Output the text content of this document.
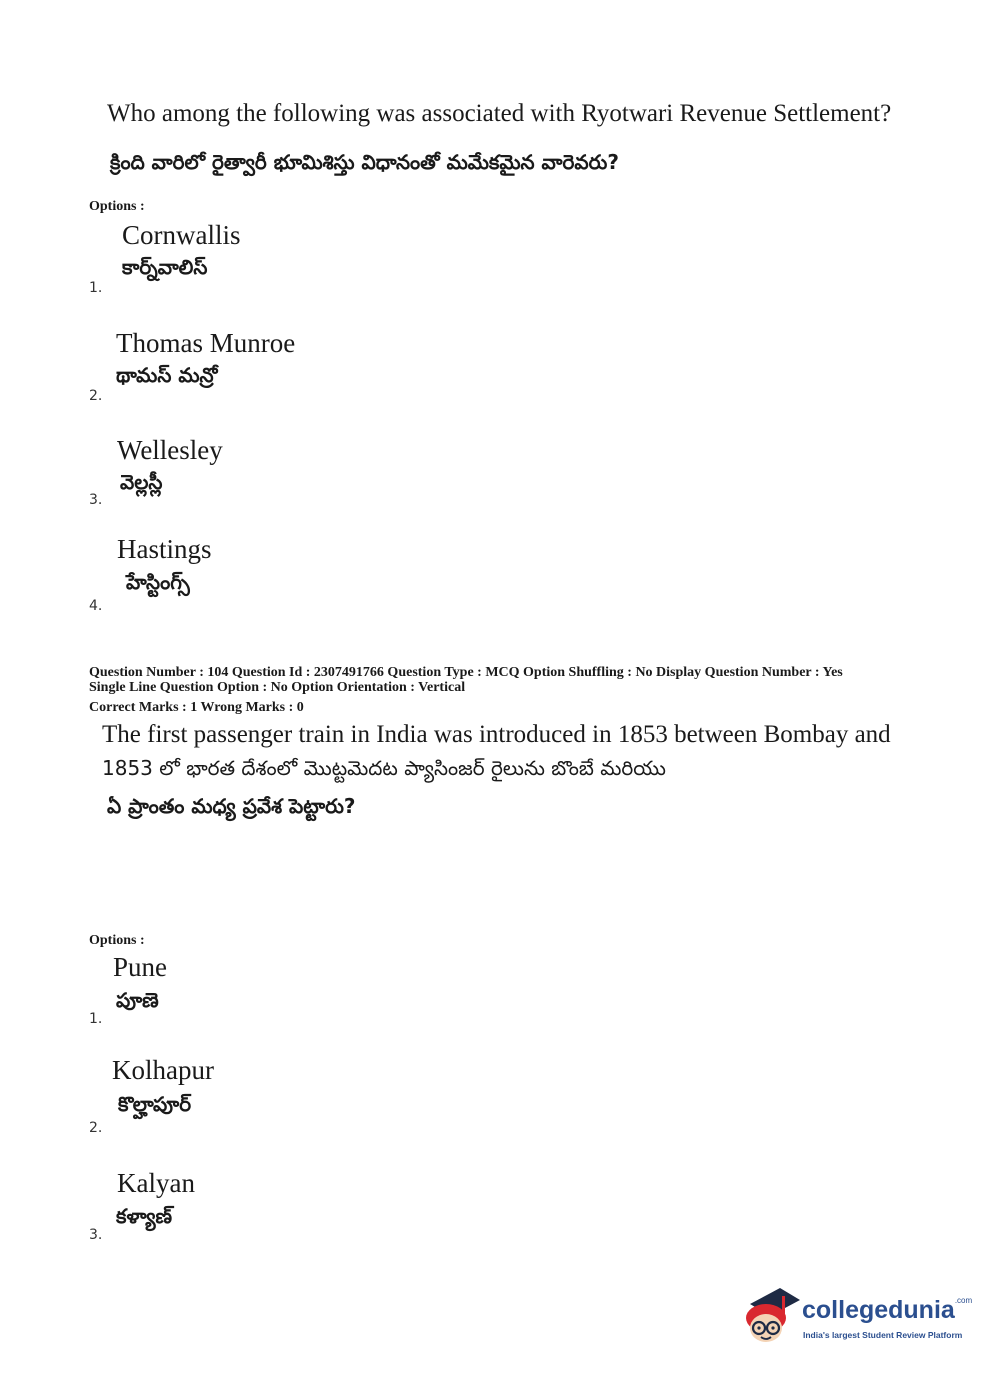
Who among the following was associated with Ryotwari Revenue Settlement?
క్రింది వారిలో రైత్వారీ భూమిశిస్తు విధానంతో మమేకమైన వారెవరు?
Options :
Cornwallis
కార్న్‌వాలిస్
1.
Thomas Munroe
థామస్ మన్రో
2.
Wellesley
వెల్లస్లీ
3.
Hastings
హేస్టింగ్స్
4.
Question Number : 104 Question Id : 2307491766 Question Type : MCQ Option Shuffling : No Display Question Number : Yes
Single Line Question Option : No Option Orientation : Vertical
Correct Marks : 1 Wrong Marks : 0
The first passenger train in India was introduced in 1853 between Bombay and
1853 లో భారత దేశంలో మొట్టమెదట ప్యాసింజర్ రైలును బొంబే మరియు
ఏ ప్రాంతం మధ్య ప్రవేశ పెట్టారు?
Options :
Pune
పూణె
1.
Kolhapur
కొల్హాపూర్
2.
Kalyan
కళ్యాణ్
3.
collegedunia$^{.com}$
India's largest Student Review Platform
